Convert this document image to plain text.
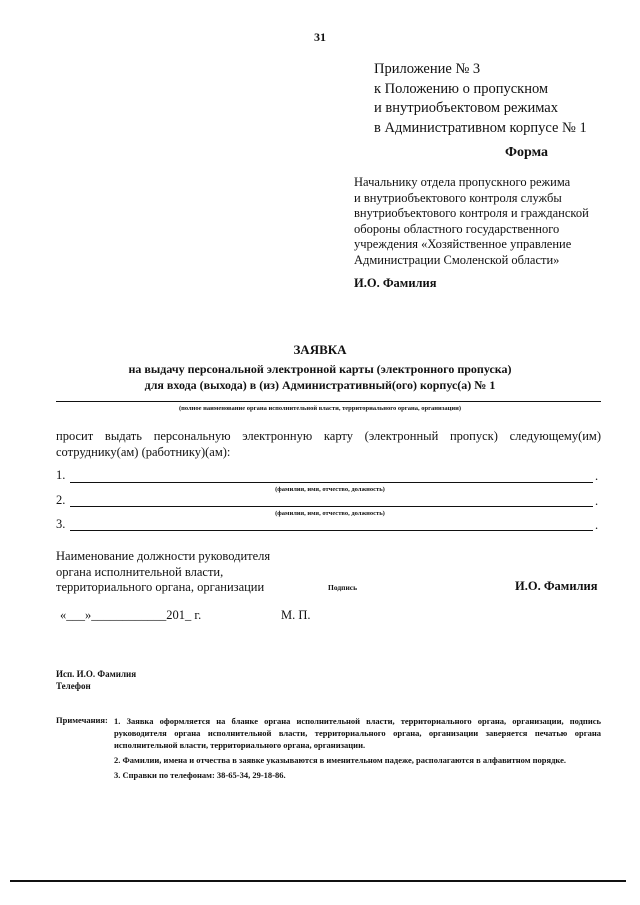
31
Приложение № 3
к Положению о пропускном
и внутриобъектовом режимах
в Административном корпусе № 1
Форма
Начальнику отдела пропускного режима
и внутриобъектового контроля службы
внутриобъектового контроля и гражданской
обороны областного государственного
учреждения «Хозяйственное управление
Администрации Смоленской области»
И.О. Фамилия
ЗАЯВКА
на выдачу персональной электронной карты (электронного пропуска)
для входа (выхода) в (из) Административный(ого) корпус(а) № 1
(полное наименование органа исполнительной власти, территориального органа, организации)
просит выдать персональную электронную карту (электронный пропуск) следующему(им) сотруднику(ам) (работнику)(ам):
1.	.
(фамилия, имя, отчество, должность)
2.	.
(фамилия, имя, отчество, должность)
3.	.
Наименование должности руководителя
органа исполнительной власти,
территориального органа, организации	Подпись	И.О. Фамилия
«___»____________201_ г.	М. П.
Исп. И.О. Фамилия
Телефон
Примечания: 1. Заявка оформляется на бланке органа исполнительной власти, территориального органа, организации, подпись руководителя органа исполнительной власти, территориального органа, организации заверяется печатью органа исполнительной власти, территориального органа, организации.

2. Фамилии, имена и отчества в заявке указываются в именительном падеже, располагаются в алфавитном порядке.

3. Справки по телефонам: 38-65-34, 29-18-86.
